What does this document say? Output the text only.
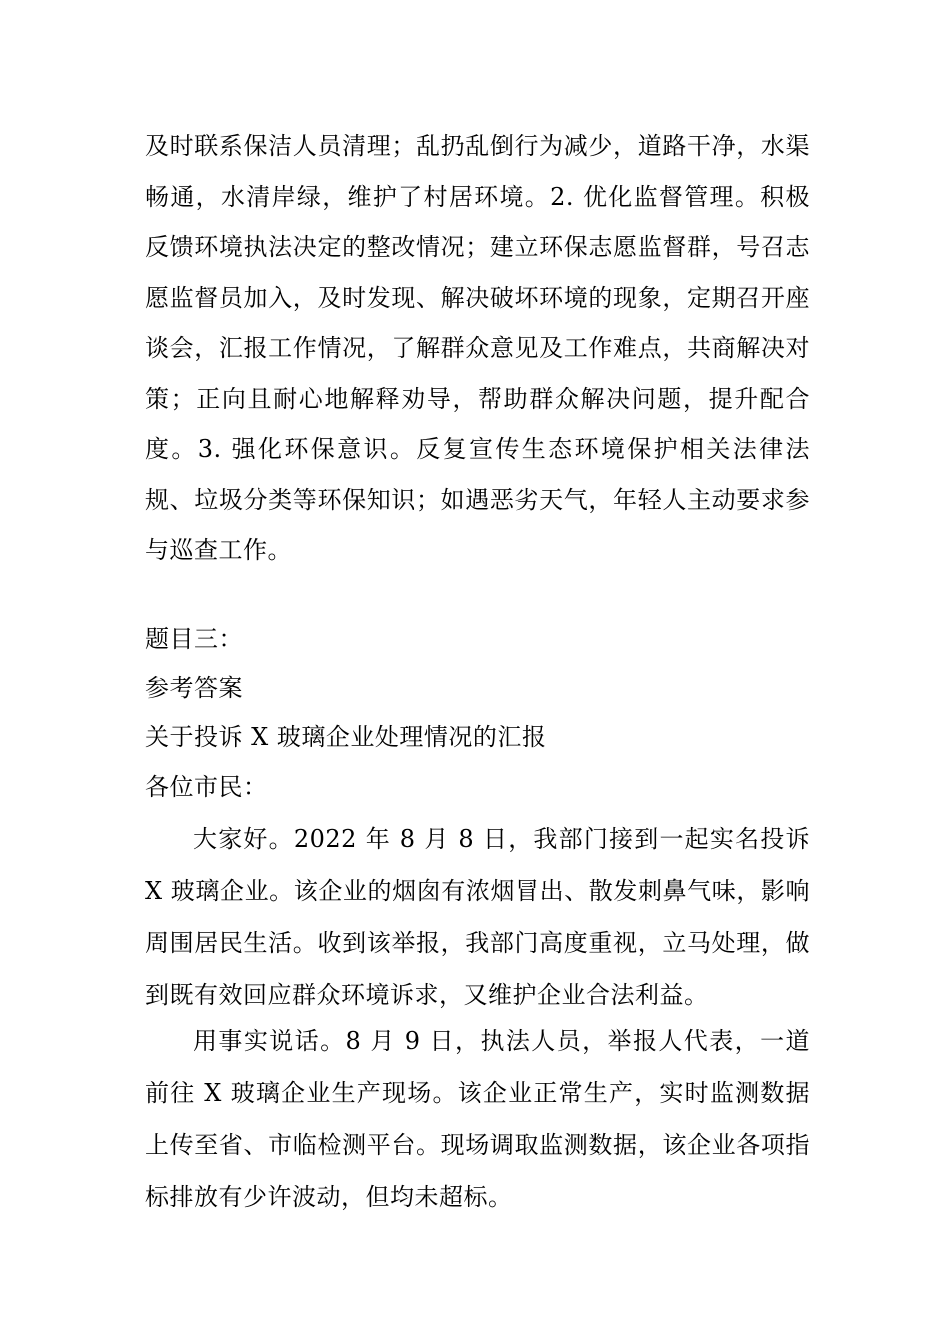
及时联系保洁人员清理；乱扔乱倒行为减少，道路干净，水渠畅通，水清岸绿，维护了村居环境。2. 优化监督管理。积极反馈环境执法决定的整改情况；建立环保志愿监督群，号召志愿监督员加入，及时发现、解决破坏环境的现象，定期召开座谈会，汇报工作情况，了解群众意见及工作难点，共商解决对策；正向且耐心地解释劝导，帮助群众解决问题，提升配合度。3. 强化环保意识。反复宣传生态环境保护相关法律法规、垃圾分类等环保知识；如遇恶劣天气，年轻人主动要求参与巡查工作。
题目三：
参考答案
关于投诉 X 玻璃企业处理情况的汇报
各位市民：
大家好。2022 年 8 月 8 日，我部门接到一起实名投诉 X 玻璃企业。该企业的烟囱有浓烟冒出、散发刺鼻气味，影响周围居民生活。收到该举报，我部门高度重视，立马处理，做到既有效回应群众环境诉求，又维护企业合法利益。
用事实说话。8 月 9 日，执法人员，举报人代表，一道前往 X 玻璃企业生产现场。该企业正常生产，实时监测数据上传至省、市临检测平台。现场调取监测数据，该企业各项指标排放有少许波动，但均未超标。
